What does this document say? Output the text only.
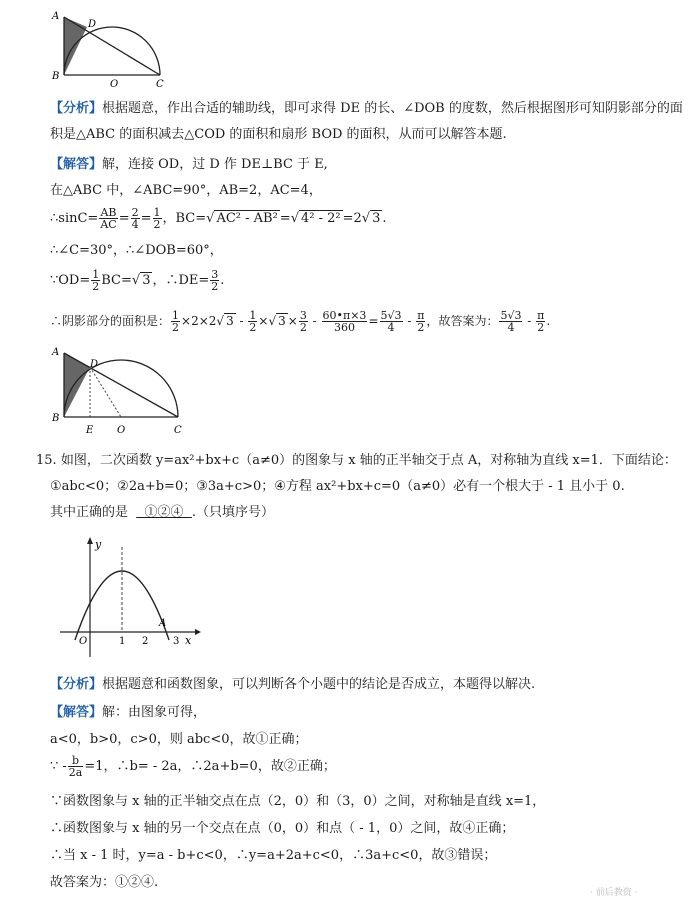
A
D
B
O	C
【分析】根据题意，作出合适的辅助线，即可求得 DE 的长、∠DOB 的度数，然后根据图形可知阴影部分的面
积是△ABC 的面积减去△COD 的面积和扇形 BOD 的面积，从而可以解答本题.
【解答】解，连接 OD，过 D 作 DE⊥BC 于 E,
在△ABC 中，∠ABC=90°，AB=2，AC=4，
∴sinC= $\frac{AB}{AC} = \frac{2}{4} = \frac{1}{2}$ ，BC=√ AC² - AB² =√ 4² - 2² =2√ 3 .
∴∠C=30°，∴∠DOB=60°，
∵OD= $\frac{1}{2} BC=√$ 3 ，∴DE= $\frac{3}{2}$ .
∴阴影部分的面积是： $\frac{1}{2} \times 2\times 2√$ $3 - \frac{1}{2}$ ×√ $3 \times \frac{3}{2} - \frac{60•\pi\times 3}{360} = \frac{5√3}{4} - \frac{\pi}{2}$ ，故答案为： $\frac{5√3}{4} - \frac{\pi}{2}$ .
A
D
B
E O	C
15. 如图，二次函数 y=ax²+bx+c（a≠0）的图象与 x 轴的正半轴交于点 A，对称轴为直线 x=1．下面结论：
①abc<0；②2a+b=0；③3a+c>0；④方程 ax²+bx+c=0（a≠0）必有一个根大于 - 1 且小于 0.
其中正确的是 ①②④ .（只填序号）
y
x
O	1 2 3
A
【分析】根据题意和函数图象，可以判断各个小题中的结论是否成立，本题得以解决.
【解答】解：由图象可得，
a<0，b>0，c>0，则 abc<0，故①正确；
∵ - $\frac{b}{2a} =1$，∴b= - 2a，∴2a+b=0，故②正确；
∵函数图象与 x 轴的正半轴交点在点（2，0）和（3，0）之间，对称轴是直线 x=1，
∴函数图象与 x 轴的另一个交点在点（0，0）和点（ - 1，0）之间，故④正确；
∴当 x - 1 时，y=a - b+c<0，∴y=a+2a+c<0，∴3a+c<0，故③错误；
故答案为：①②④.
· 前后教资 ·
